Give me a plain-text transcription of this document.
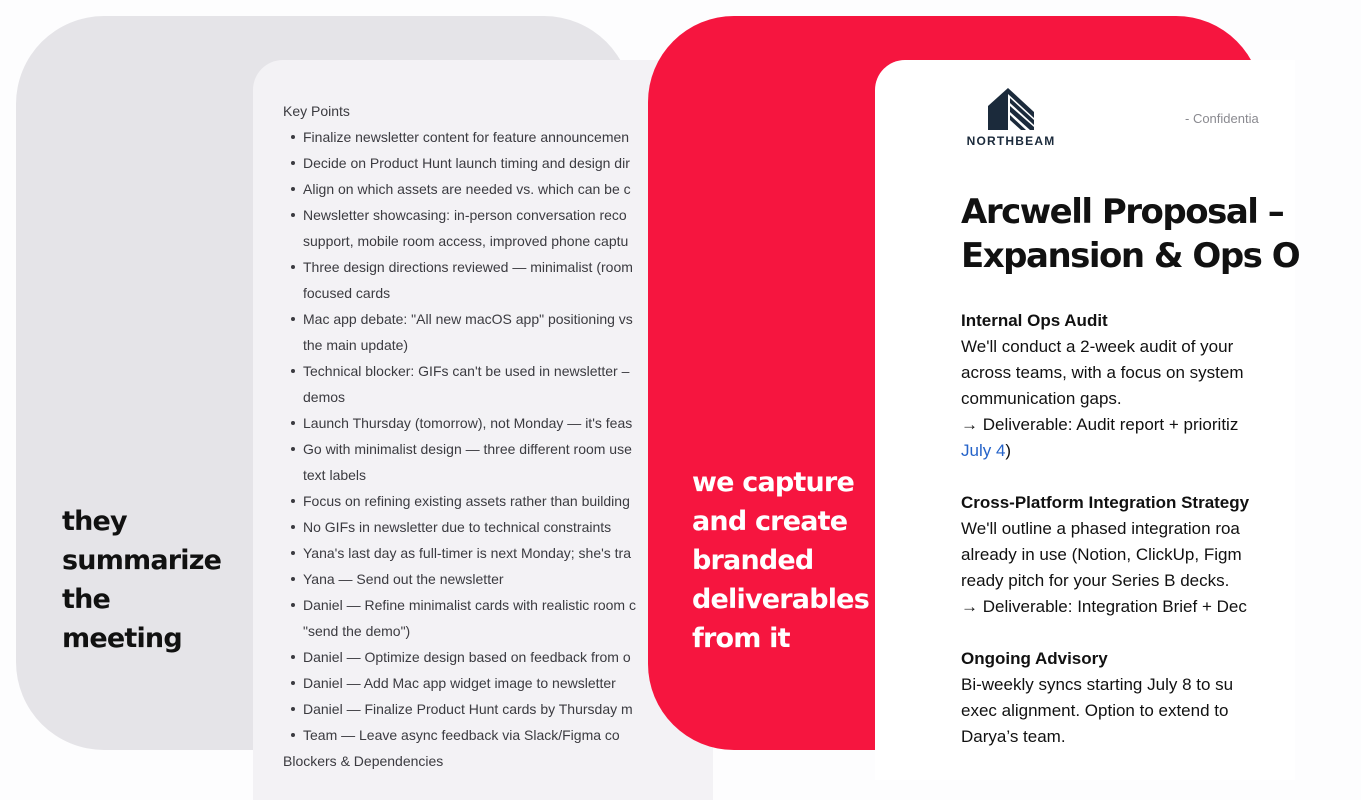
Key Points
Finalize newsletter content for feature announcemen
Decide on Product Hunt launch timing and design dir
Align on which assets are needed vs. which can be c
Newsletter showcasing: in-person conversation reco
support, mobile room access, improved phone captu
Three design directions reviewed — minimalist (room
focused cards
Mac app debate: "All new macOS app" positioning vs
the main update)
Technical blocker: GIFs can't be used in newsletter –
demos
Launch Thursday (tomorrow), not Monday — it's feas
Go with minimalist design — three different room use
text labels
Focus on refining existing assets rather than building
No GIFs in newsletter due to technical constraints
Yana's last day as full-timer is next Monday; she's tra
Yana — Send out the newsletter
Daniel — Refine minimalist cards with realistic room c
"send the demo")
Daniel — Optimize design based on feedback from o
Daniel — Add Mac app widget image to newsletter
Daniel — Finalize Product Hunt cards by Thursday m
Team — Leave async feedback via Slack/Figma co
Blockers & Dependencies
they
summarize
the
meeting
we capture
and create
branded
deliverables
from it
NORTHBEAM
- Confidentia
Arcwell Proposal –
Expansion & Ops O
Internal Ops Audit
We'll conduct a 2-week audit of your
across teams, with a focus on system
communication gaps.
→ Deliverable: Audit report + prioritiz
July 4)
Cross-Platform Integration Strategy
We'll outline a phased integration roa
already in use (Notion, ClickUp, Figm
ready pitch for your Series B decks.
→ Deliverable: Integration Brief + Dec
Ongoing Advisory
Bi-weekly syncs starting July 8 to su
exec alignment. Option to extend to
Darya’s team.
